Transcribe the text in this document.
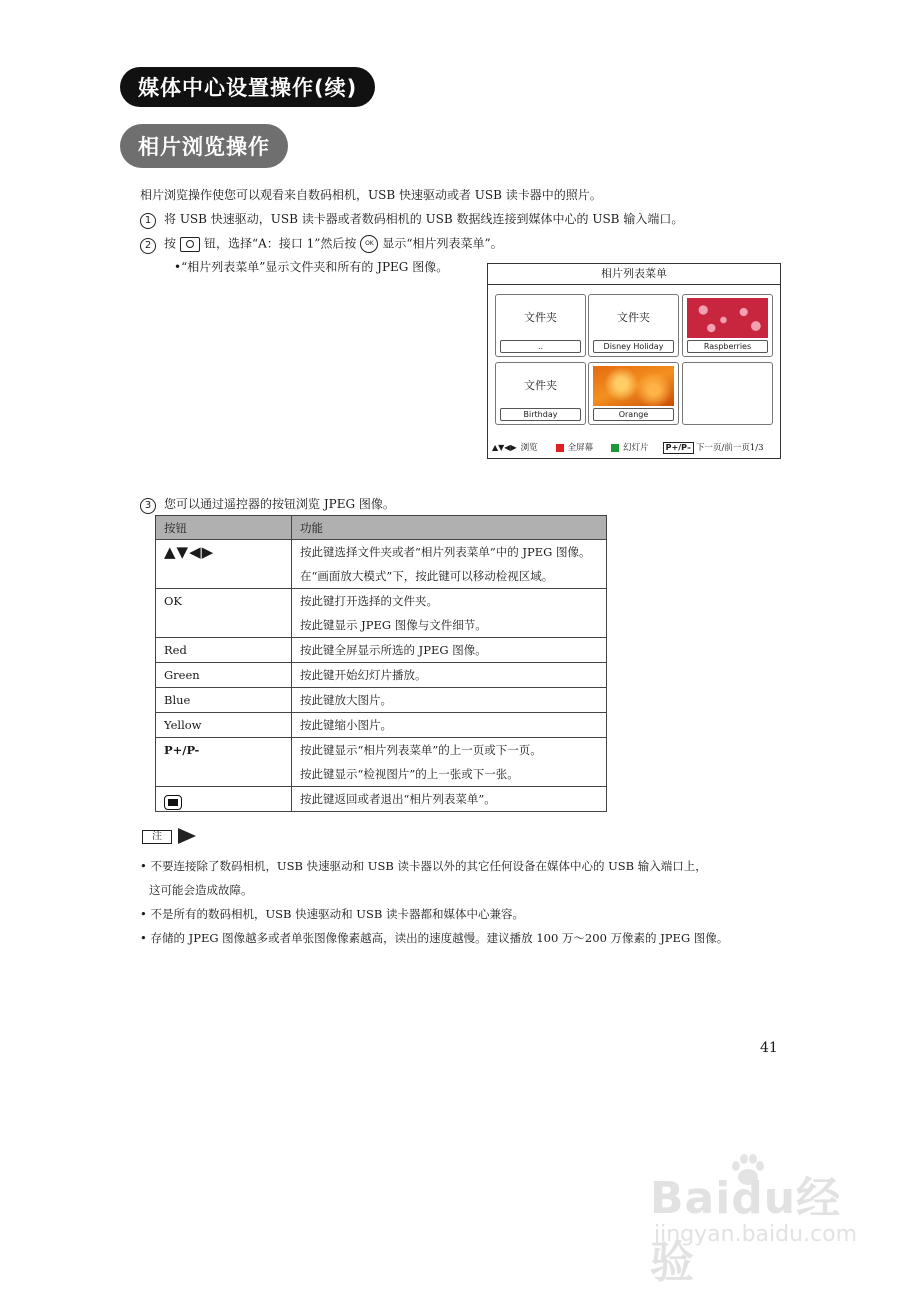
媒体中心设置操作(续)
相片浏览操作
相片浏览操作使您可以观看来自数码相机，USB 快速驱动或者 USB 读卡器中的照片。
1 将 USB 快速驱动，USB 读卡器或者数码相机的 USB 数据线连接到媒体中心的 USB 输入端口。
2 按 钮，选择“A：接口 1”然后按 OK 显示“相片列表菜单”。
•“相片列表菜单”显示文件夹和所有的 JPEG 图像。	相片列表菜单
文件夹
..
文件夹
Disney Holiday	Raspberries
文件夹
Birthday	Orange
▲▼◀▶ 浏览	全屏幕	幻灯片	P+/P– 下一页/前一页 1/3
3 您可以通过遥控器的按钮浏览 JPEG 图像。
按钮	功能

▲▼◀▶	按此键选择文件夹或者“相片列表菜单”中的 JPEG 图像。
在“画面放大模式”下，按此键可以移动检视区域。

OK	按此键打开选择的文件夹。
按此键显示 JPEG 图像与文件细节。

Red	按此键全屏显示所选的 JPEG 图像。

Green	按此键开始幻灯片播放。

Blue	按此键放大图片。

Yellow	按此键缩小图片。

P+/P-	按此键显示“相片列表菜单”的上一页或下一页。
按此键显示“检视图片”的上一张或下一张。

	按此键返回或者退出“相片列表菜单”。
注
• 不要连接除了数码相机，USB 快速驱动和 USB 读卡器以外的其它任何设备在媒体中心的 USB 输入端口上，
这可能会造成故障。
• 不是所有的数码相机，USB 快速驱动和 USB 读卡器都和媒体中心兼容。
• 存储的 JPEG 图像越多或者单张图像像素越高，读出的速度越慢。建议播放 100 万～200 万像素的 JPEG 图像。
41
Baidu经验
jingyan.baidu.com
